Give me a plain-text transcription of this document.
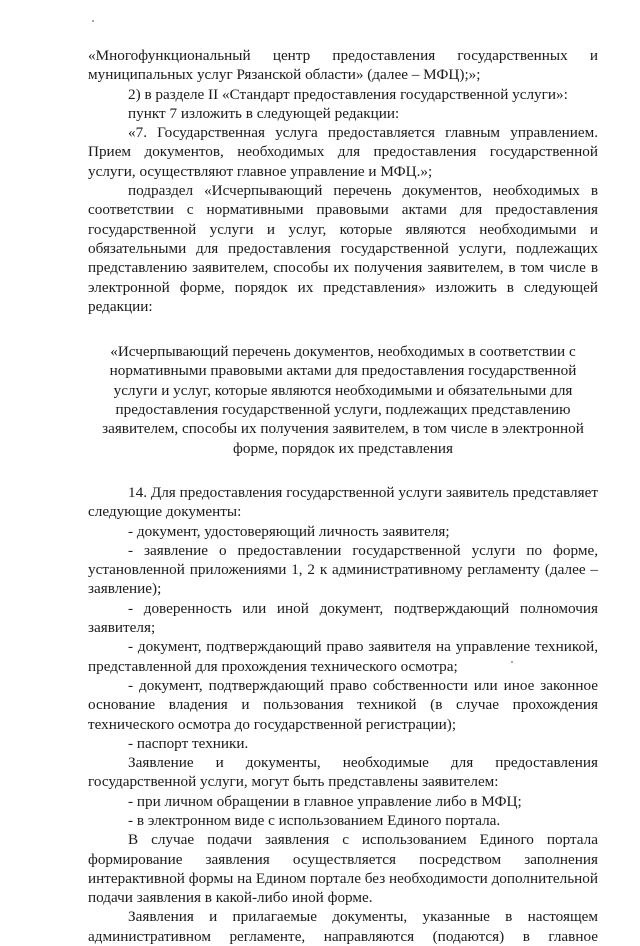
«Многофункциональный центр предоставления государственных и муниципальных услуг Рязанской области» (далее – МФЦ);»;

2) в разделе II «Стандарт предоставления государственной услуги»:

пункт 7 изложить в следующей редакции:

«7. Государственная услуга предоставляется главным управлением. Прием документов, необходимых для предоставления государственной услуги, осуществляют главное управление и МФЦ.»;

подраздел «Исчерпывающий перечень документов, необходимых в соответствии с нормативными правовыми актами для предоставления государственной услуги и услуг, которые являются необходимыми и обязательными для предоставления государственной услуги, подлежащих представлению заявителем, способы их получения заявителем, в том числе в электронной форме, порядок их представления» изложить в следующей редакции:

«Исчерпывающий перечень документов, необходимых в соответствии с нормативными правовыми актами для предоставления государственной услуги и услуг, которые являются необходимыми и обязательными для предоставления государственной услуги, подлежащих представлению заявителем, способы их получения заявителем, в том числе в электронной форме, порядок их представления

14. Для предоставления государственной услуги заявитель представляет следующие документы:

- документ, удостоверяющий личность заявителя;

- заявление о предоставлении государственной услуги по форме, установленной приложениями 1, 2 к административному регламенту (далее – заявление);

- доверенность или иной документ, подтверждающий полномочия заявителя;

- документ, подтверждающий право заявителя на управление техникой, представленной для прохождения технического осмотра;

- документ, подтверждающий право собственности или иное законное основание владения и пользования техникой (в случае прохождения технического осмотра до государственной регистрации);

- паспорт техники.

Заявление и документы, необходимые для предоставления государственной услуги, могут быть представлены заявителем:

- при личном обращении в главное управление либо в МФЦ;

- в электронном виде с использованием Единого портала.

В случае подачи заявления с использованием Единого портала формирование заявления осуществляется посредством заполнения интерактивной формы на Едином портале без необходимости дополнительной подачи заявления в какой-либо иной форме.

Заявления и прилагаемые документы, указанные в настоящем административном регламенте, направляются (подаются) в главное
